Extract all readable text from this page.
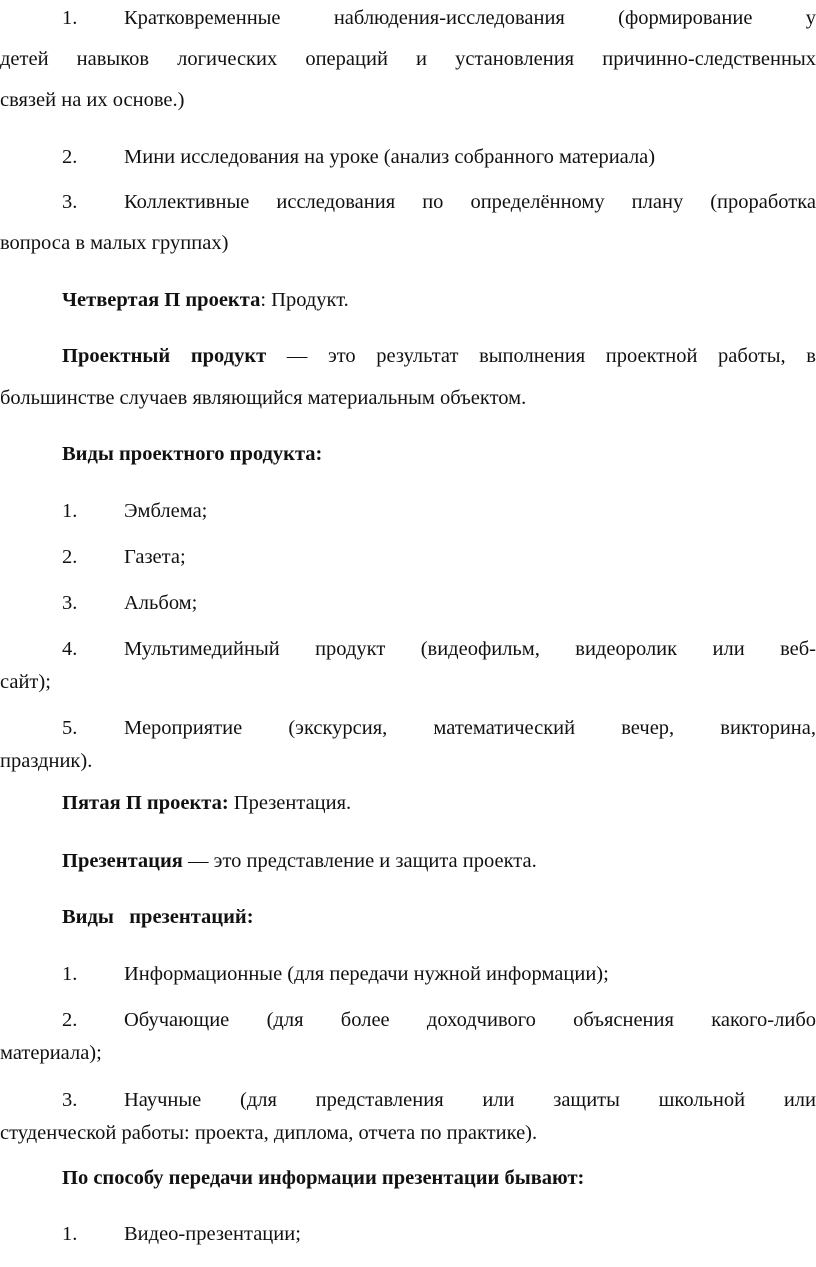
1. Кратковременные наблюдения-исследования (формирование у
детей навыков логических операций и установления причинно-следственных
связей на их основе.)
2. Мини исследования на уроке (анализ собранного материала)
3. Коллективные исследования по определённому плану (проработка
вопроса в малых группах)
Четвертая П проекта: Продукт.
Проектный продукт — это результат выполнения проектной работы, в
большинстве случаев являющийся материальным объектом.
Виды проектного продукта:
1. Эмблема;
2. Газета;
3. Альбом;
4. Мультимедийный продукт (видеофильм, видеоролик или веб-
сайт);
5. Мероприятие (экскурсия, математический вечер, викторина,
праздник).
Пятая П проекта: Презентация.
Презентация — это представление и защита проекта.
Виды   презентаций:
1. Информационные (для передачи нужной информации);
2. Обучающие (для более доходчивого объяснения какого-либо
материала);
3. Научные (для представления или защиты школьной или
студенческой работы: проекта, диплома, отчета по практике).
По способу передачи информации презентации бывают:
1. Видео-презентации;
